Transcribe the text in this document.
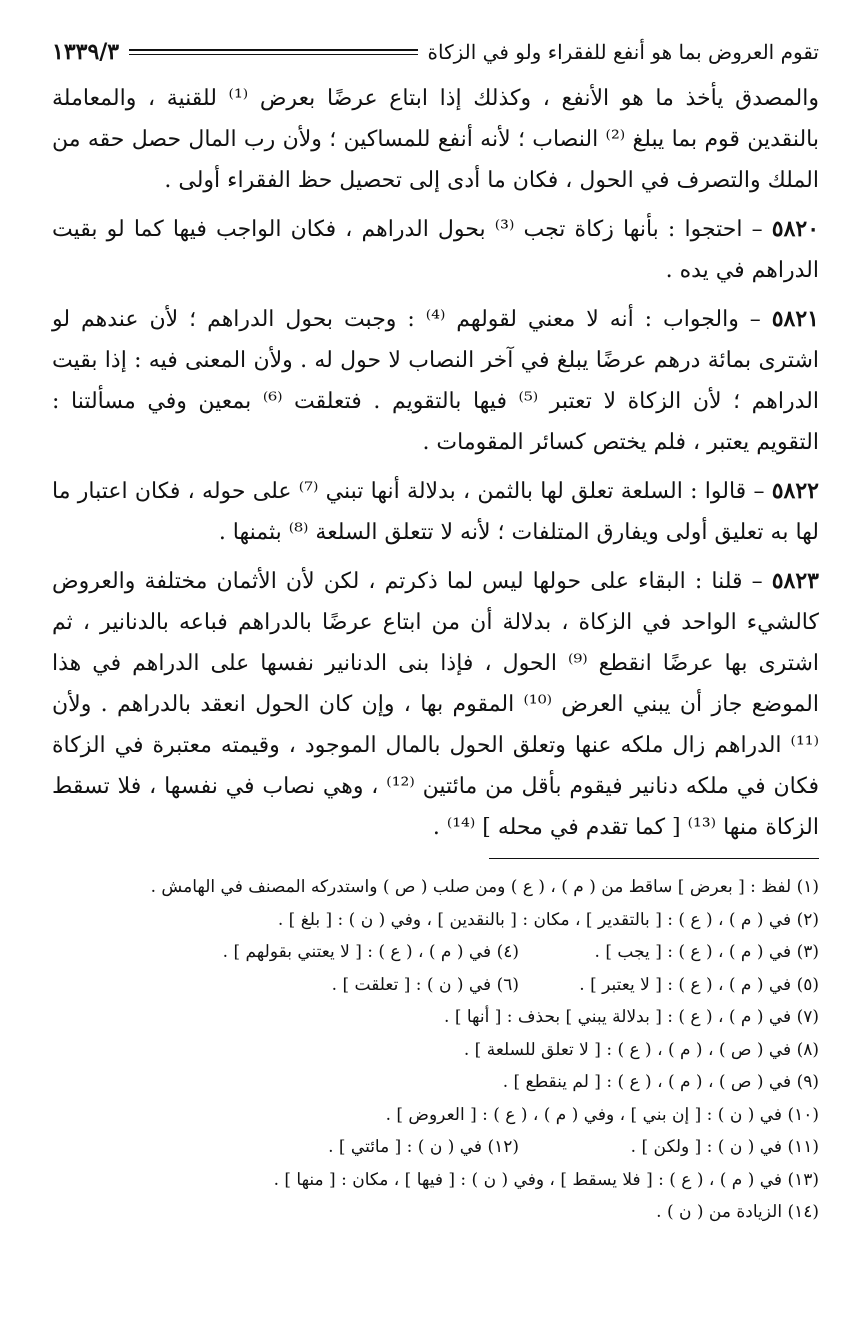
تقوم العروض بما هو أنفع للفقراء ولو في الزكاة
١٣٣٩/٣

والمصدق يأخذ ما هو الأنفع ، وكذلك إذا ابتاع عرضًا بعرض ⁽¹⁾ للقنية ، والمعاملة بالنقدين قوم بما يبلغ ⁽²⁾ النصاب ؛ لأنه أنفع للمساكين ؛ ولأن رب المال حصل حقه من الملك والتصرف في الحول ، فكان ما أدى إلى تحصيل حظ الفقراء أولى .

٥٨٢٠ – احتجوا : بأنها زكاة تجب ⁽³⁾ بحول الدراهم ، فكان الواجب فيها كما لو بقيت الدراهم في يده .

٥٨٢١ – والجواب : أنه لا معني لقولهم ⁽⁴⁾ : وجبت بحول الدراهم ؛ لأن عندهم لو اشترى بمائة درهم عرضًا يبلغ في آخر النصاب لا حول له . ولأن المعنى فيه : إذا بقيت الدراهم ؛ لأن الزكاة لا تعتبر ⁽⁵⁾ فيها بالتقويم . فتعلقت ⁽⁶⁾ بمعين وفي مسألتنا : التقويم يعتبر ، فلم يختص كسائر المقومات .

٥٨٢٢ – قالوا : السلعة تعلق لها بالثمن ، بدلالة أنها تبني ⁽⁷⁾ على حوله ، فكان اعتبار ما لها به تعليق أولى ويفارق المتلفات ؛ لأنه لا تتعلق السلعة ⁽⁸⁾ بثمنها .

٥٨٢٣ – قلنا : البقاء على حولها ليس لما ذكرتم ، لكن لأن الأثمان مختلفة والعروض كالشيء الواحد في الزكاة ، بدلالة أن من ابتاع عرضًا بالدراهم فباعه بالدنانير ، ثم اشترى بها عرضًا انقطع ⁽⁹⁾ الحول ، فإذا بنى الدنانير نفسها على الدراهم في هذا الموضع جاز أن يبني العرض ⁽¹⁰⁾ المقوم بها ، وإن كان الحول انعقد بالدراهم . ولأن ⁽¹¹⁾ الدراهم زال ملكه عنها وتعلق الحول بالمال الموجود ، وقيمته معتبرة في الزكاة فكان في ملكه دنانير فيقوم بأقل من مائتين ⁽¹²⁾ ، وهي نصاب في نفسها ، فلا تسقط الزكاة منها ⁽¹³⁾ [ كما تقدم في محله ] ⁽¹⁴⁾ .

(١) لفظ : [ بعرض ] ساقط من ( م ) ، ( ع ) ومن صلب ( ص ) واستدركه المصنف في الهامش .
(٢) في ( م ) ، ( ع ) : [ بالتقدير ] ، مكان : [ بالنقدين ] ، وفي ( ن ) : [ بلغ ] .
(٣) في ( م ) ، ( ع ) : [ يجب ] .
(٤) في ( م ) ، ( ع ) : [ لا يعتني بقولهم ] .
(٥) في ( م ) ، ( ع ) : [ لا يعتبر ] .
(٦) في ( ن ) : [ تعلقت ] .
(٧) في ( م ) ، ( ع ) : [ بدلالة يبني ] بحذف : [ أنها ] .
(٨) في ( ص ) ، ( م ) ، ( ع ) : [ لا تعلق للسلعة ] .
(٩) في ( ص ) ، ( م ) ، ( ع ) : [ لم ينقطع ] .
(١٠) في ( ن ) : [ إن بني ] ، وفي ( م ) ، ( ع ) : [ العروض ] .
(١١) في ( ن ) : [ ولكن ] .
(١٢) في ( ن ) : [ مائتي ] .
(١٣) في ( م ) ، ( ع ) : [ فلا يسقط ] ، وفي ( ن ) : [ فيها ] ، مكان : [ منها ] .
(١٤) الزيادة من ( ن ) .
